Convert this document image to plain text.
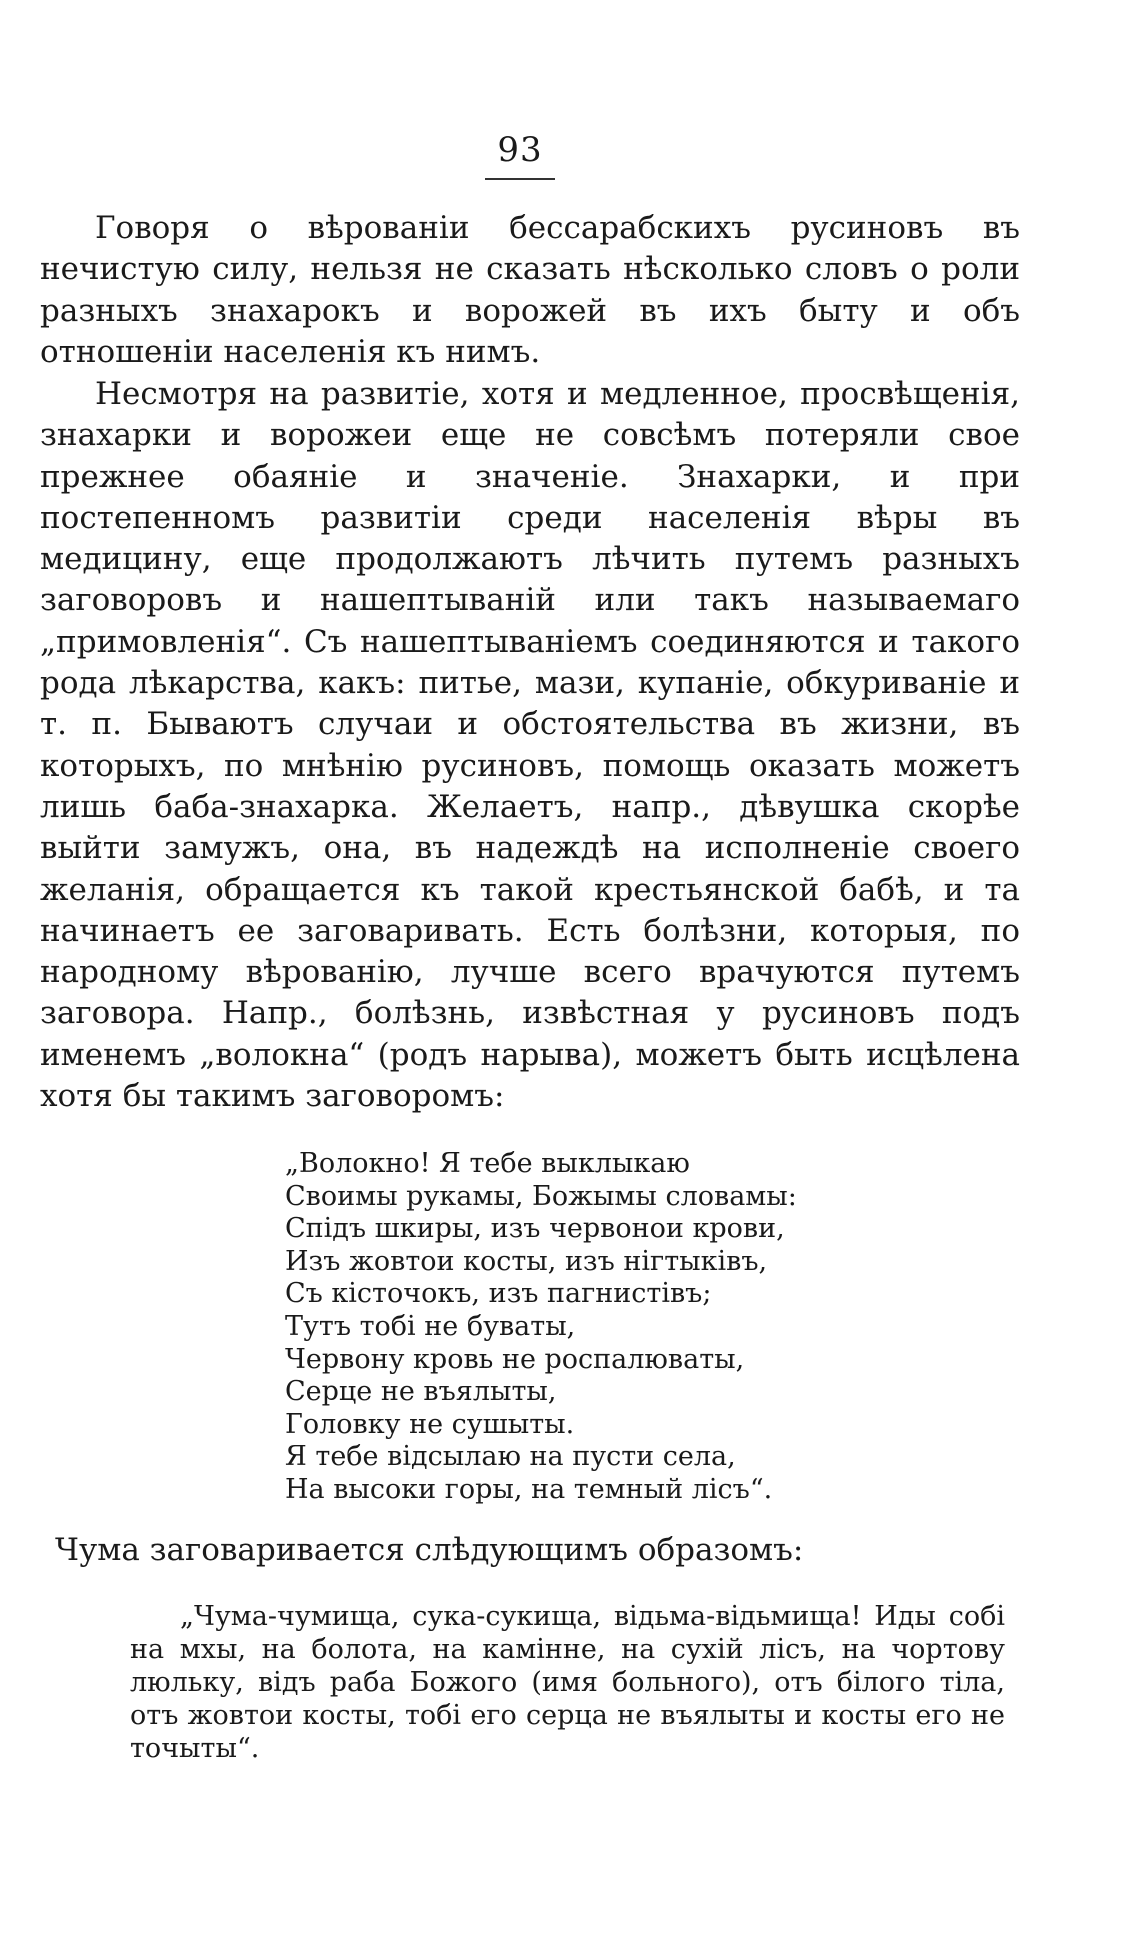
93

Говоря о вѣрованіи бессарабскихъ русиновъ въ нечистую силу, нельзя не сказать нѣсколько словъ о роли разныхъ знахарокъ и ворожей въ ихъ быту и объ отношеніи населенія къ нимъ.

Несмотря на развитіе, хотя и медленное, просвѣщенія, знахарки и ворожеи еще не совсѣмъ потеряли свое прежнее обаяніе и значеніе. Знахарки, и при постепенномъ развитіи среди населенія вѣры въ медицину, еще продолжаютъ лѣчить путемъ разныхъ заговоровъ и нашептываній или такъ называемаго „примовленія“. Съ нашептываніемъ соединяются и такого рода лѣкарства, какъ: питье, мази, купаніе, обкуриваніе и т. п. Бываютъ случаи и обстоятельства въ жизни, въ которыхъ, по мнѣнію русиновъ, помощь оказать можетъ лишь баба-знахарка. Желаетъ, напр., дѣвушка скорѣе выйти замужъ, она, въ надеждѣ на исполненіе своего желанія, обращается къ такой крестьянской бабѣ, и та начинаетъ ее заговаривать. Есть болѣзни, которыя, по народному вѣрованію, лучше всего врачуются путемъ заговора. Напр., болѣзнь, извѣстная у русиновъ подъ именемъ „волокна“ (родъ нарыва), можетъ быть исцѣлена хотя бы такимъ заговоромъ:

„Волокно! Я тебе выклыкаю
Своимы рукамы, Божымы словамы:
Спідъ шкиры, изъ червонои крови,
Изъ жовтои косты, изъ нігтыківъ,
Съ кісточокъ, изъ пагнистівъ;
Тутъ тобі не буваты,
Червону кровь не роспалюваты,
Серце не въялыты,
Головку не сушыты.
Я тебе відсылаю на пусти села,
На высоки горы, на темный лісъ“.
Чума заговаривается слѣдующимъ образомъ:

„Чума-чумища, сука-сукища, відьма-відьмища! Иды собі на мхы, на болота, на камінне, на сухій лісъ, на чортову люльку, відъ раба Божого (имя больного), отъ білого тіла, отъ жовтои косты, тобі его серца не въялыты и косты его не точыты“.
